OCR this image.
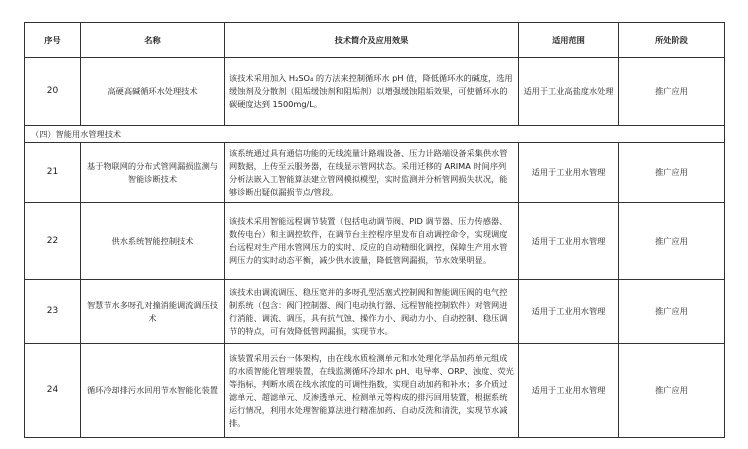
序号	名称	技术简介及应用效果	适用范围	所处阶段
20	高硬高碱循环水处理技术	该技术采用加入 H₂SO₄ 的方法来控制循环水 pH 值，降低循环水的碱度，选用缓蚀剂及分散剂（阻垢缓蚀剂和阻垢剂）以增强缓蚀阻垢效果，可使循环水的碳硬度达到 1500mg/L。	适用于工业高盐度水处理	推广应用
（四）智能用水管理技术				
21	基于物联网的分布式管网漏损监测与智能诊断技术	该系统通过具有通信功能的无线流量计路端设备、压力计路端设备采集供水管网数据，上传至云服务器，在线显示管网状态。采用迁移的 ARIMA 时间序列分析法嵌入工智能算法建立管网模拟模型，实时监测并分析管网损失状况，能够诊断出疑似漏损节点/管段。	适用于工业用水管理	推广应用
22	供水系统智能控制技术	该技术采用智能远程调节装置（包括电动调节阀、PID 调节器、压力传感器、数传电台）和主调控软件，在调节台主控程序里发布自动调控命令，实现调度台远程对生产用水管网压力的实时、反应的自动精细化调控，保障生产用水管网压力的实时动态平衡，减少供水波量，降低管网漏损，节水效果明显。	适用于工业用水管理	推广应用
23	智慧节水多呀孔对撞消能调流调压技术	该技术由调流调压、稳压宽并的多呀孔型活塞式控制阀和智能调压阀的电气控制系统（包含：阀门控制器、阀门电动执行器、远程智能控制软件）对管网进行消能、调流、调压，具有抗气蚀、操作力小、阀动力小、自动控制、稳压调节的特点，可有效降低管网漏损，实现节水。	适用于工业用水管理	推广应用
24	循环冷却排污水回用节水智能化装置	该装置采用云台一体架构，由在线水质检测单元和水处理化学品加药单元组成的水质智能化管理装置，在线监测循环冷却水 pH、电导率、ORP、浊度、荧光等指标，判断水质在线水浓度的可调性指数，实现自动加药和补水；多介质过滤单元、超滤单元、反渗透单元、检测单元等构成的排污回用装置，根据系统运行情况，利用水处理智能算法进行精准加药、自动反洗和清洗，实现节水减排。	适用于工业用水管理	推广应用
